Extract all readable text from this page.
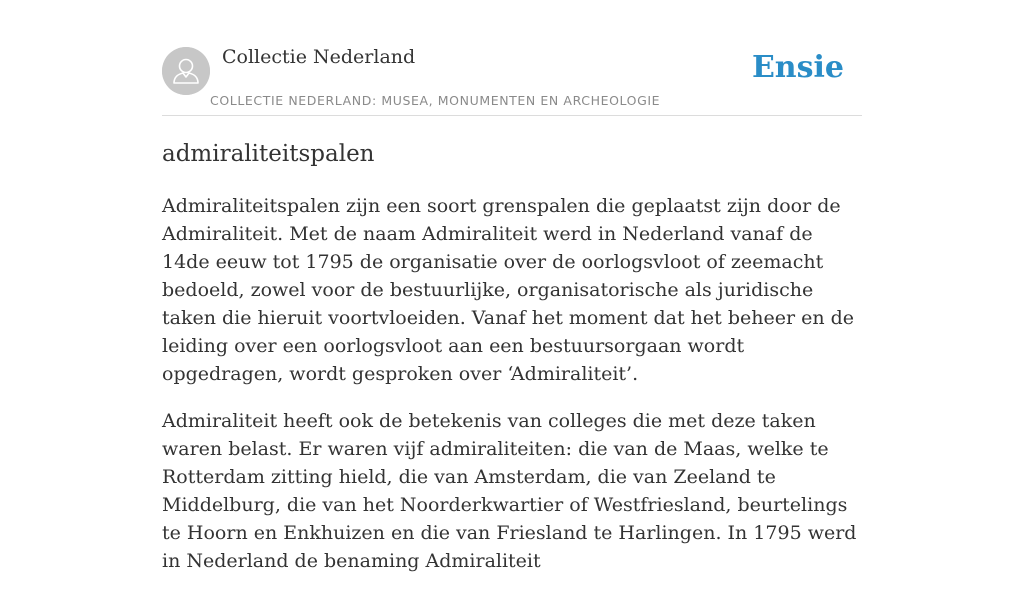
Collectie Nederland
COLLECTIE NEDERLAND: MUSEA, MONUMENTEN EN ARCHEOLOGIE
Ensie
admiraliteitspalen

Admiraliteitspalen zijn een soort grenspalen die geplaatst zijn door de Admiraliteit. Met de naam Admiraliteit werd in Nederland vanaf de 14de eeuw tot 1795 de organisatie over de oorlogsvloot of zeemacht bedoeld, zowel voor de bestuurlijke, organisatorische als juridische taken die hieruit voortvloeiden. Vanaf het moment dat het beheer en de leiding over een oorlogsvloot aan een bestuursorgaan wordt opgedragen, wordt gesproken over ‘Admiraliteit’.

Admiraliteit heeft ook de betekenis van colleges die met deze taken waren belast. Er waren vijf admiraliteiten: die van de Maas, welke te Rotterdam zitting hield, die van Amsterdam, die van Zeeland te Middelburg, die van het Noorderkwartier of Westfriesland, beurtelings te Hoorn en Enkhuizen en die van Friesland te Harlingen. In 1795 werd in Nederland de benaming Admiraliteit
